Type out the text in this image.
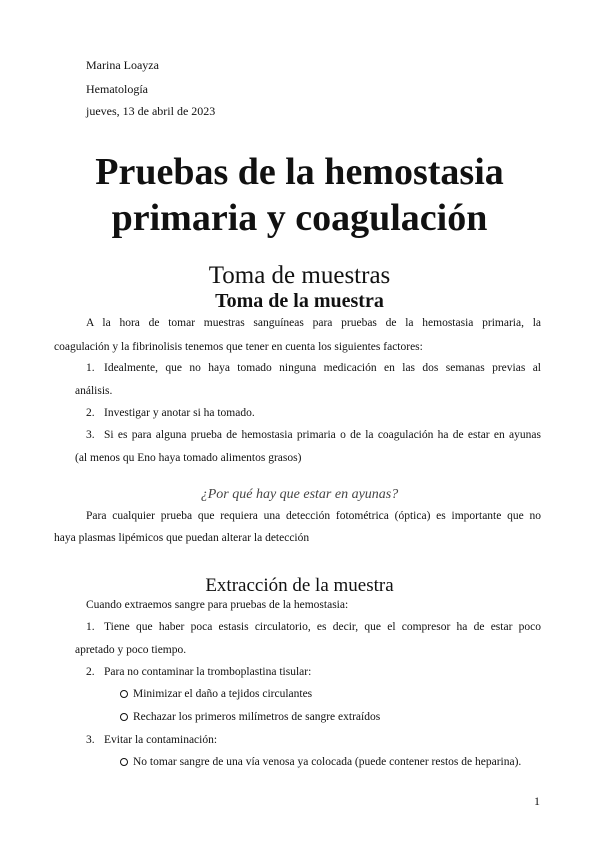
Marina Loayza
Hematología
jueves, 13 de abril de 2023
Pruebas de la hemostasia
primaria y coagulación
Toma de muestras
Toma de la muestra
A la hora de tomar muestras sanguíneas para pruebas de la hemostasia primaria, la
coagulación y la fibrinolisis tenemos que tener en cuenta los siguientes factores:
1. Idealmente, que no haya tomado ninguna medicación en las dos semanas previas al
análisis.
2. Investigar y anotar si ha tomado.
3. Si es para alguna prueba de hemostasia primaria o de la coagulación ha de estar en ayunas
(al menos qu Eno haya tomado alimentos grasos)
¿Por qué hay que estar en ayunas?
Para cualquier prueba que requiera una detección fotométrica (óptica) es importante que no
haya plasmas lipémicos que puedan alterar la detección
Extracción de la muestra
Cuando extraemos sangre para pruebas de la hemostasia:
1. Tiene que haber poca estasis circulatorio, es decir, que el compresor ha de estar poco
apretado y poco tiempo.
2. Para no contaminar la tromboplastina tisular:
Minimizar el daño a tejidos circulantes
Rechazar los primeros milímetros de sangre extraídos
3. Evitar la contaminación:
No tomar sangre de una vía venosa ya colocada (puede contener restos de heparina).
1
